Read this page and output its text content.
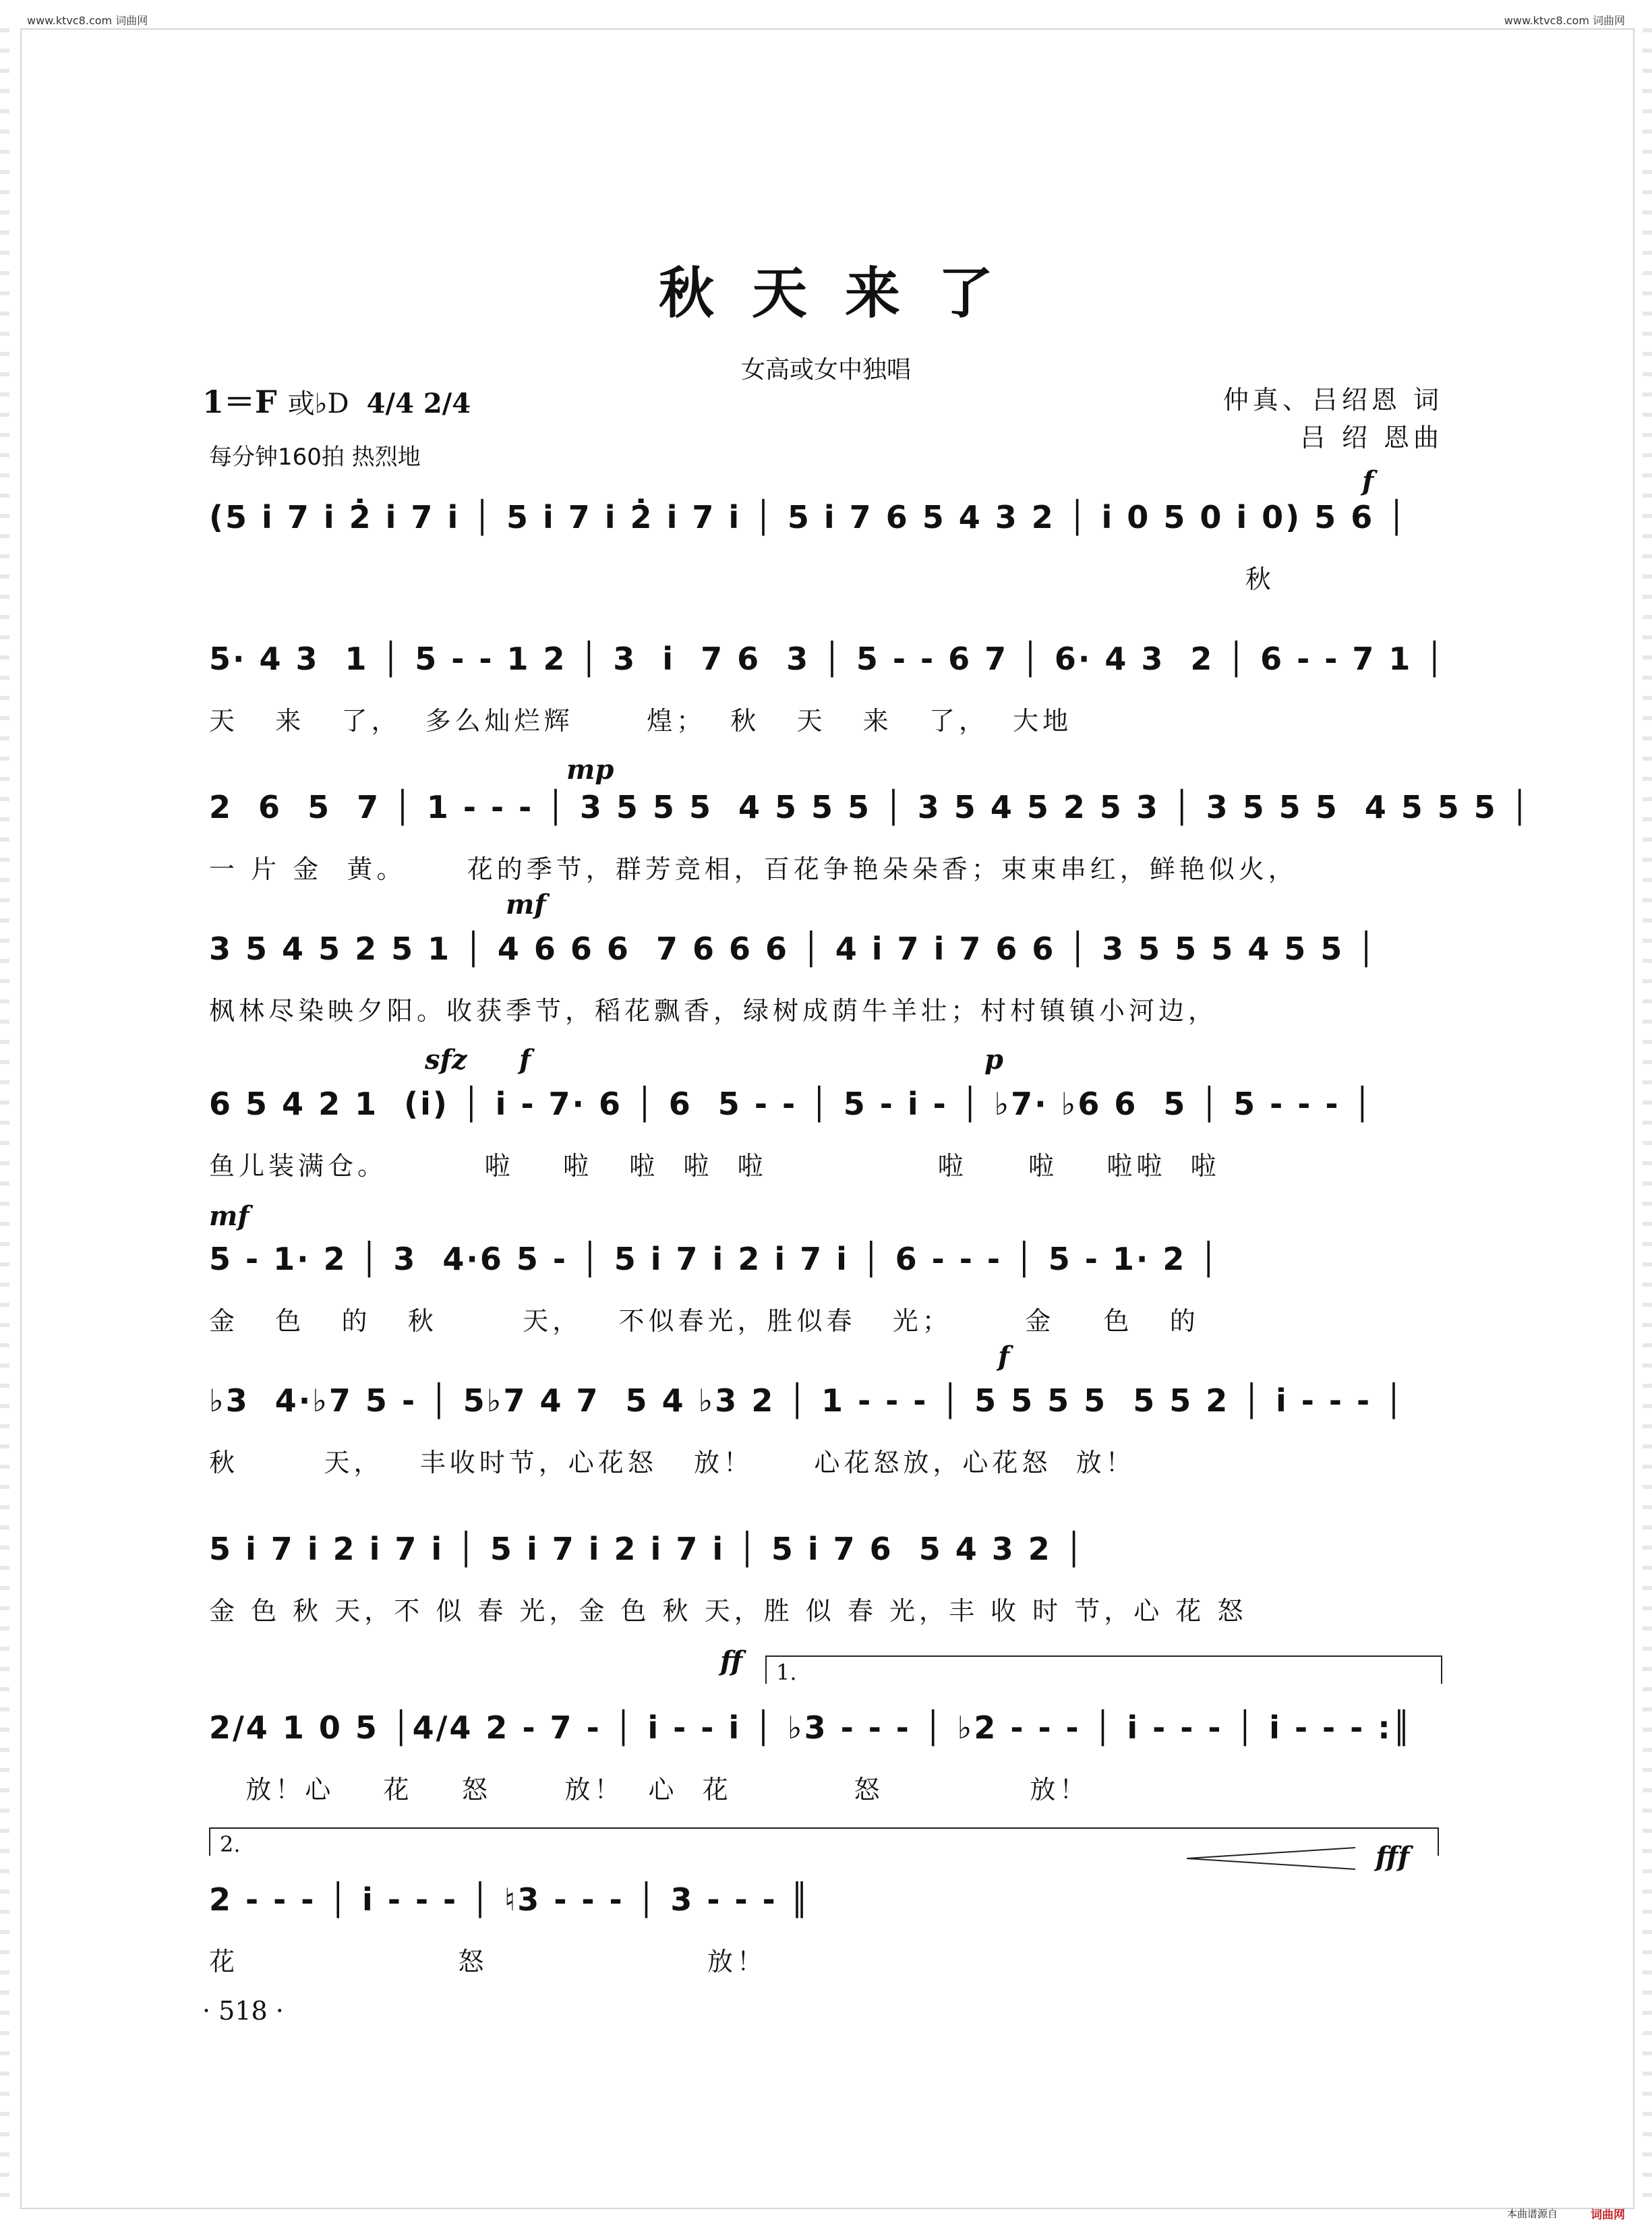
www.ktvc8.com 词曲网	www.ktvc8.com 词曲网
秋天来了
女高或女中独唱
1＝F 或♭D 4/4 2/4
每分钟160拍 热烈地
仲真、吕绍恩 词
吕 绍 恩曲
(5 i 7 i 2̇ i 7 i │ 5 i 7 i 2̇ i 7 i │ 5 i 7 6 5 4 3 2 │ i 0 5 0 i 0) 5 6 │
秋
f
5· 4 3  1 │ 5 - - 1 2 │ 3  i  7 6  3 │ 5 - - 6 7 │ 6· 4 3  2 │ 6 - - 7 1 │
天   来   了，  多么灿烂辉      煌；  秋   天   来   了，  大地
2  6  5  7 │ 1 - - - │ 3 5 5 5  4 5 5 5 │ 3 5 4 5 2 5 3 │ 3 5 5 5  4 5 5 5 │
一 片 金  黄。     花的季节，群芳竞相，百花争艳朵朵香；束束串红，鲜艳似火，
mp
3 5 4 5 2 5 1 │ 4 6 6 6  7 6 6 6 │ 4 i 7 i 7 6 6 │ 3 5 5 5 4 5 5 │
枫林尽染映夕阳。收获季节，稻花飘香，绿树成荫牛羊壮；村村镇镇小河边，
mf
6 5 4 2 1  (i) │ i - 7· 6 │ 6  5 - - │ 5 - i - │ ♭7· ♭6 6  5 │ 5 - - - │
鱼儿装满仓。        啦    啦   啦  啦  啦              啦     啦    啦啦  啦
sfz f	p
5 - 1· 2 │ 3  4·6 5 - │ 5 i 7 i 2 i 7 i │ 6 - - - │ 5 - 1· 2 │
金   色   的   秋       天，   不似春光，胜似春   光；      金    色   的
mf
♭3  4·♭7 5 - │ 5♭7 4 7  5 4 ♭3 2 │ 1 - - - │ 5 5 5 5  5 5 2 │ i - - - │
秋       天，   丰收时节，心花怒   放！     心花怒放，心花怒  放！
f
5 i 7 i 2 i 7 i │ 5 i 7 i 2 i 7 i │ 5 i 7 6  5 4 3 2 │
金 色 秋 天，不 似 春 光，金 色 秋 天，胜 似 春 光，丰 收 时 节，心 花 怒
1.
ff
2/4 1 0 5 │4/4 2 - 7 - │ i - - i │ ♭3 - - - │ ♭2 - - - │ i - - - │ i - - - :║
放！心    花    怒      放！  心  花          怒            放！
2.	fff
2 - - - │ i - - - │ ♮3 - - - │ 3 - - - ║
花                  怒                  放！
· 518 ·
本曲谱源自	词曲网
